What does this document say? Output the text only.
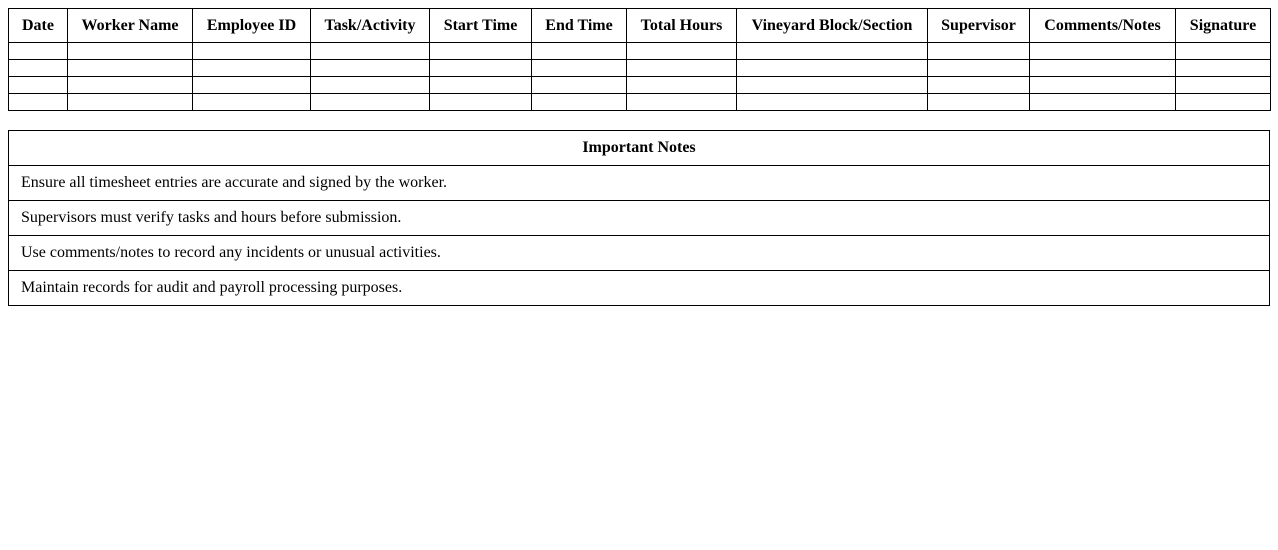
Date	Worker Name	Employee ID	Task/Activity	Start Time	End Time	Total Hours	Vineyard Block/Section	Supervisor	Comments/Notes	Signature

Important Notes
Ensure all timesheet entries are accurate and signed by the worker.
Supervisors must verify tasks and hours before submission.
Use comments/notes to record any incidents or unusual activities.
Maintain records for audit and payroll processing purposes.
